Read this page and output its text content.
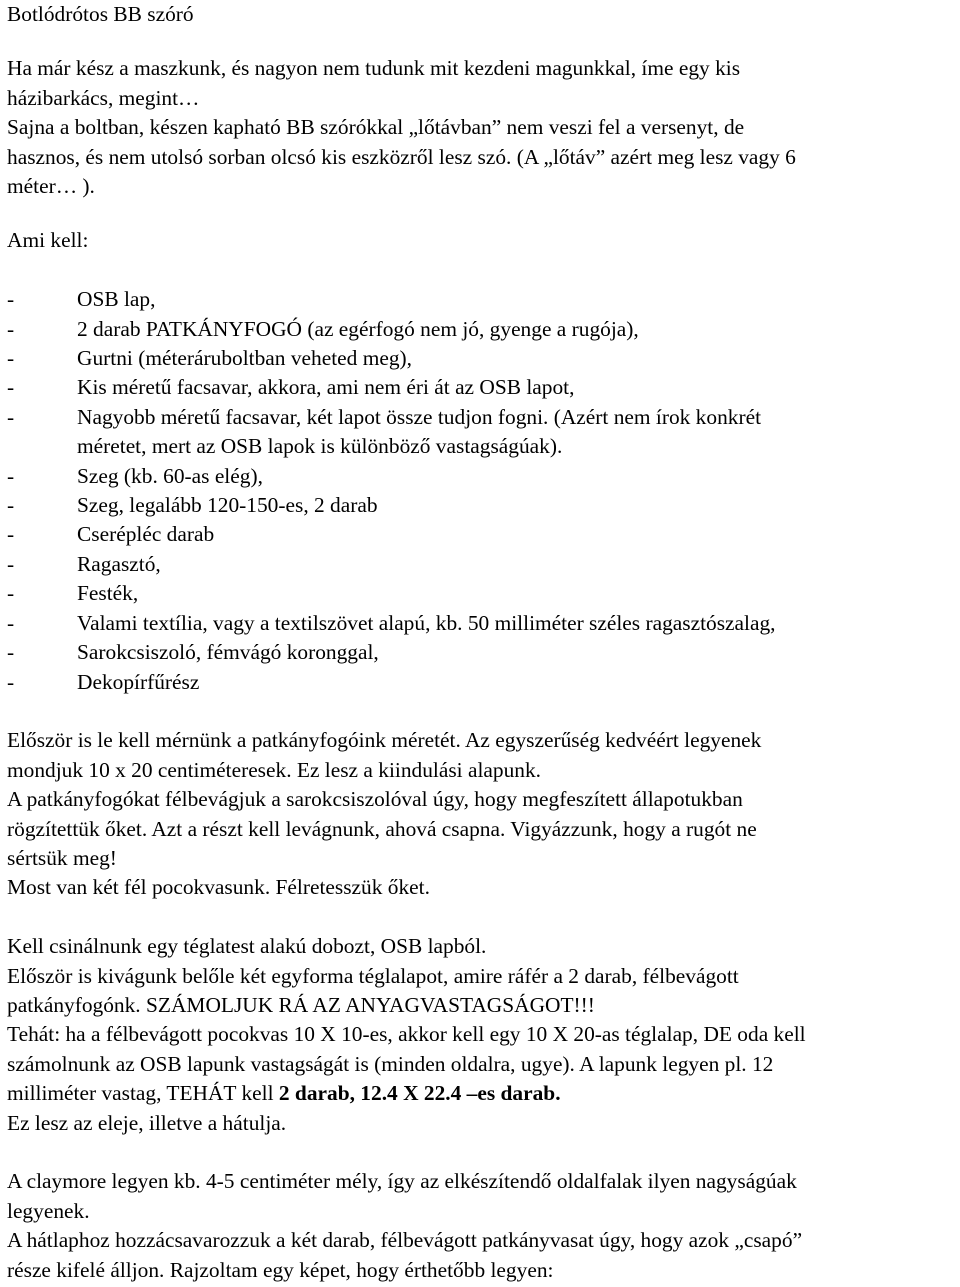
Botlódrótos BB szóró

Ha már kész a maszkunk, és nagyon nem tudunk mit kezdeni magunkkal, íme egy kis

házibarkács, megint…

Sajna a boltban, készen kapható BB szórókkal „lőtávban” nem veszi fel a versenyt, de

hasznos, és nem utolsó sorban olcsó kis eszközről lesz szó. (A „lőtáv” azért meg lesz vagy 6

méter… ).

Ami kell:

-	OSB lap,
-	2 darab PATKÁNYFOGÓ (az egérfogó nem jó, gyenge a rugója),
-	Gurtni (méteráruboltban veheted meg),
-	Kis méretű facsavar, akkora, ami nem éri át az OSB lapot,
-	Nagyobb méretű facsavar, két lapot össze tudjon fogni. (Azért nem írok konkrét
méretet, mert az OSB lapok is különböző vastagságúak).
-	Szeg (kb. 60-as elég),
-	Szeg, legalább 120-150-es, 2 darab
-	Cserépléc darab
-	Ragasztó,
-	Festék,
-	Valami textília, vagy a textilszövet alapú, kb. 50 milliméter széles ragasztószalag,
-	Sarokcsiszoló, fémvágó koronggal,
-	Dekopírfűrész

Először is le kell mérnünk a patkányfogóink méretét. Az egyszerűség kedvéért legyenek

mondjuk 10 x 20 centiméteresek. Ez lesz a kiindulási alapunk.

A patkányfogókat félbevágjuk a sarokcsiszolóval úgy, hogy megfeszített állapotukban

rögzítettük őket. Azt a részt kell levágnunk, ahová csapna. Vigyázzunk, hogy a rugót ne

sértsük meg!

Most van két fél pocokvasunk. Félretesszük őket.

Kell csinálnunk egy téglatest alakú dobozt, OSB lapból.

Először is kivágunk belőle két egyforma téglalapot, amire ráfér a 2 darab, félbevágott

patkányfogónk. SZÁMOLJUK RÁ AZ ANYAGVASTAGSÁGOT!!!

Tehát: ha a félbevágott pocokvas 10 X 10-es, akkor kell egy 10 X 20-as téglalap, DE oda kell

számolnunk az OSB lapunk vastagságát is (minden oldalra, ugye). A lapunk legyen pl. 12

milliméter vastag, TEHÁT kell 2 darab, 12.4 X 22.4 –es darab.

Ez lesz az eleje, illetve a hátulja.

A claymore legyen kb. 4-5 centiméter mély, így az elkészítendő oldalfalak ilyen nagyságúak

legyenek.

A hátlaphoz hozzácsavarozzuk a két darab, félbevágott patkányvasat úgy, hogy azok „csapó”

része kifelé álljon. Rajzoltam egy képet, hogy érthetőbb legyen:
